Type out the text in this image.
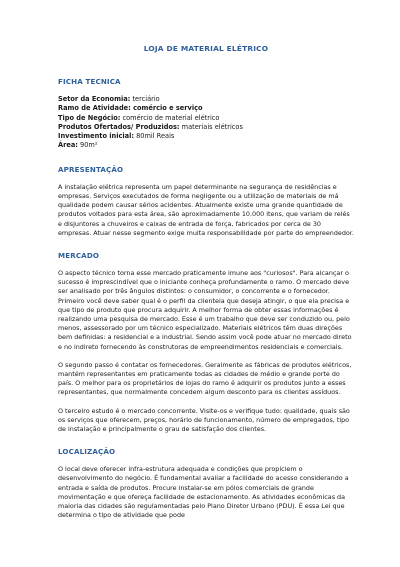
LOJA DE MATERIAL ELÉTRICO
FICHA TECNICA
Setor da Economia: terciário
Ramo de Atividade: comércio e serviço
Tipo de Negócio: comércio de material elétrico
Produtos Ofertados/ Produzidos: materiais elétricos
Investimento inicial: 80mil Reais
Área: 90m²
APRESENTAÇÃO

A instalação elétrica representa um papel determinante na segurança de residências e empresas. Serviços executados de forma negligente ou a utilização de materiais de má qualidade podem causar sérios acidentes. Atualmente existe uma grande quantidade de produtos voltados para esta área, são aproximadamente 10.000 itens, que variam de relés e disjuntores a chuveiros e caixas de entrada de força, fabricados por cerca de 30 empresas. Atuar nesse segmento exige muita responsabilidade por parte do empreendedor.

MERCADO

O aspecto técnico torna esse mercado praticamente imune aos "curiosos". Para alcançar o sucesso é imprescindível que o iniciante conheça profundamente o ramo. O mercado deve ser analisado por três ângulos distintos: o consumidor, o concorrente e o fornecedor.

Primeiro você deve saber qual é o perfil da clientela que deseja atingir, o que ela precisa e que tipo de produto que procura adquirir. A melhor forma de obter essas informações é realizando uma pesquisa de mercado. Esse é um trabalho que deve ser conduzido ou, pelo menos, assessorado por um técnico especializado. Materiais elétricos têm duas direções bem definidas: a residencial e a industrial. Sendo assim você pode atuar no mercado direto e no indireto fornecendo às construtoras de empreendimentos residenciais e comerciais.

O segundo passo é contatar os fornecedores. Geralmente as fábricas de produtos elétricos, mantém representantes em praticamente todas as cidades de médio e grande porte do país. O melhor para os proprietários de lojas do ramo é adquirir os produtos junto a esses representantes, que normalmente concedem algum desconto para os clientes assíduos.

O terceiro estudo é o mercado concorrente. Visite-os e verifique tudo: qualidade, quais são os serviços que oferecem, preços, horário de funcionamento, número de empregados, tipo de instalação e principalmente o grau de satisfação dos clientes.

LOCALIZAÇÃO

O local deve oferecer infra-estrutura adequada e condições que propiciem o desenvolvimento do negócio. É fundamental avaliar a facilidade do acesso considerando a entrada e saída de produtos. Procure instalar-se em pólos comerciais de grande movimentação e que ofereça facilidade de estacionamento. As atividades econômicas da maioria das cidades são regulamentadas pelo Plano Diretor Urbano (PDU). É essa Lei que determina o tipo de atividade que pode
